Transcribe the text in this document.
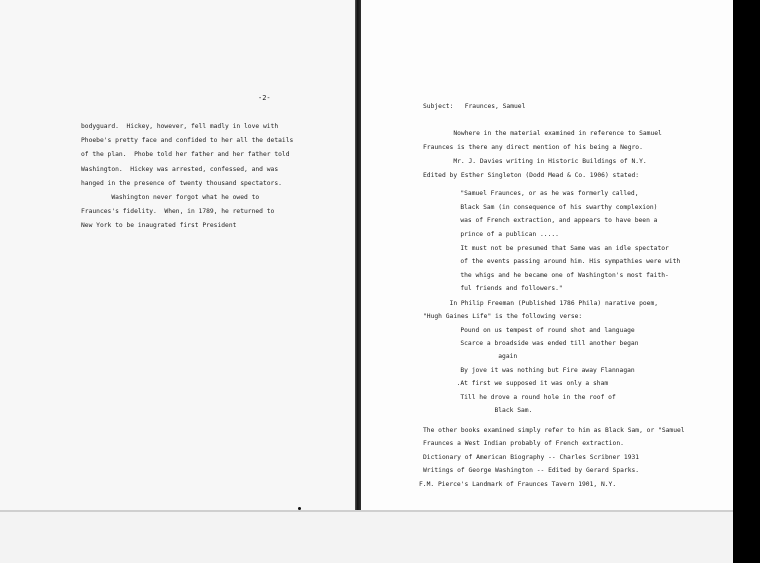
-2-
bodyguard.  Hickey, however, fell madly in love with
Phoebe's pretty face and confided to her all the details
of the plan.  Phobe told her father and her father told
Washington.  Hickey was arrested, confessed, and was
hanged in the presence of twenty thousand spectators.
Washington never forgot what he owed to
Fraunces's fidelity.  When, in 1789, he returned to
New York to be inaugrated first President
Subject:   Fraunces, Samuel
Nowhere in the material examined in reference to Samuel
Fraunces is there any direct mention of his being a Negro.
Mr. J. Davies writing in Historic Buildings of N.Y.
Edited by Esther Singleton (Dodd Mead & Co. 1906) stated:
"Samuel Fraunces, or as he was formerly called,
Black Sam (in consequence of his swarthy complexion)
was of French extraction, and appears to have been a
prince of a publican .....
It must not be presumed that Same was an idle spectator
of the events passing around him. His sympathies were with
the whigs and he became one of Washington's most faith-
ful friends and followers."
In Philip Freeman (Published 1786 Phila) narative poem,
"Hugh Gaines Life" is the following verse:
Pound on us tempest of round shot and language
Scarce a broadside was ended till another began
again
By jove it was nothing but Fire away Flannagan
.At first we supposed it was only a sham
Till he drove a round hole in the roof of
Black Sam.
The other books examined simply refer to him as Black Sam, or "Samuel
Fraunces a West Indian probably of French extraction.
Dictionary of American Biography -- Charles Scribner 1931
Writings of George Washington -- Edited by Gerard Sparks.
F.M. Pierce's Landmark of Fraunces Tavern 1901, N.Y.
